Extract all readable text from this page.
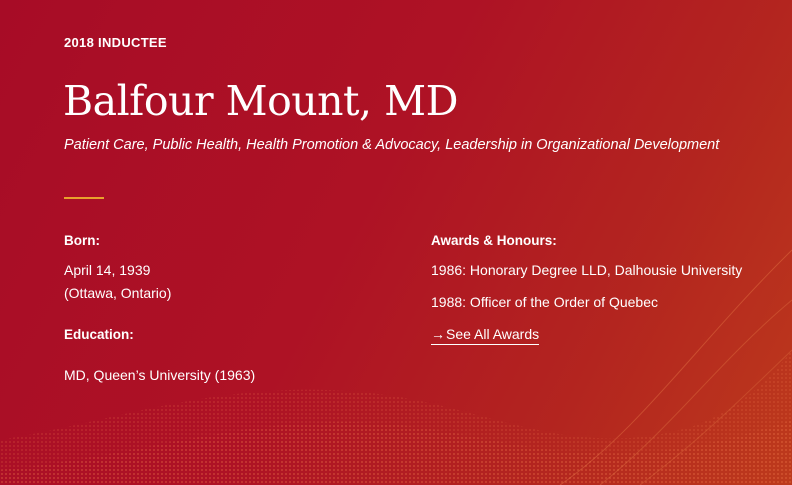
2018 INDUCTEE
Balfour Mount, MD
Patient Care, Public Health, Health Promotion & Advocacy, Leadership in Organizational Development
Born:
April 14, 1939
(Ottawa, Ontario)
Education:
MD, Queen’s University (1963)
Awards & Honours:
1986: Honorary Degree LLD, Dalhousie University
1988: Officer of the Order of Quebec
→See All Awards
